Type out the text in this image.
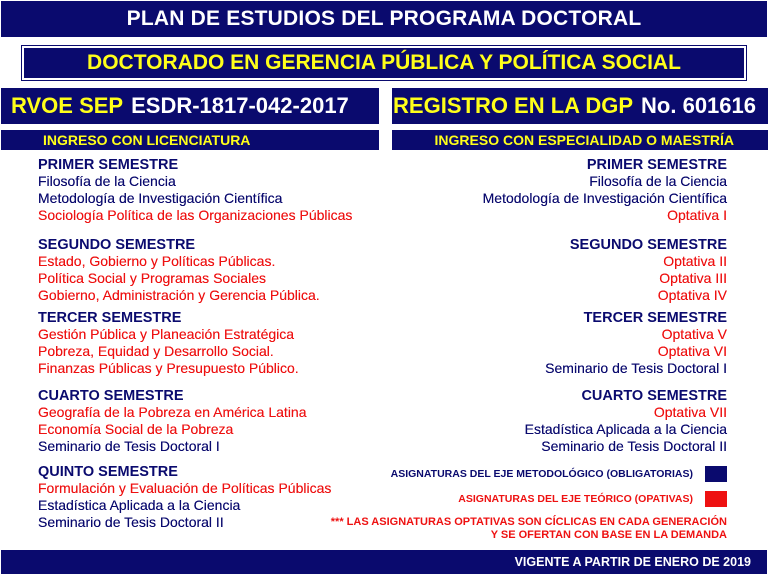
PLAN DE ESTUDIOS DEL PROGRAMA DOCTORAL
DOCTORADO EN GERENCIA PÚBLICA Y POLÍTICA SOCIAL
RVOE SEP ESDR-1817-042-2017 REGISTRO EN LA DGP No. 601616
INGRESO CON LICENCIATURA	INGRESO CON ESPECIALIDAD O MAESTRÍA
PRIMER SEMESTRE
Filosofía de la Ciencia
Metodología de Investigación Científica
Sociología Política de las Organizaciones Públicas
SEGUNDO SEMESTRE
Estado, Gobierno y Políticas Públicas.
Política Social y Programas Sociales
Gobierno, Administración y Gerencia Pública.
TERCER SEMESTRE
Gestión Pública y Planeación Estratégica
Pobreza, Equidad y Desarrollo Social.
Finanzas Públicas y Presupuesto Público.
CUARTO SEMESTRE
Geografía de la Pobreza en América Latina
Economía Social de la Pobreza
Seminario de Tesis Doctoral I
QUINTO SEMESTRE
Formulación y Evaluación de Políticas Públicas
Estadística Aplicada a la Ciencia
Seminario de Tesis Doctoral II
PRIMER SEMESTRE
Filosofía de la Ciencia
Metodología de Investigación Científica
Optativa I
SEGUNDO SEMESTRE
Optativa II
Optativa III
Optativa IV
TERCER SEMESTRE
Optativa V
Optativa VI
Seminario de Tesis Doctoral I
CUARTO SEMESTRE
Optativa VII
Estadística Aplicada a la Ciencia
Seminario de Tesis Doctoral II
ASIGNATURAS DEL EJE METODOLÓGICO (OBLIGATORIAS)
ASIGNATURAS DEL EJE TEÓRICO (OPATIVAS)
*** LAS ASIGNATURAS OPTATIVAS SON CÍCLICAS EN CADA GENERACIÓN
Y SE OFERTAN CON BASE EN LA DEMANDA
VIGENTE A PARTIR DE ENERO DE 2019
